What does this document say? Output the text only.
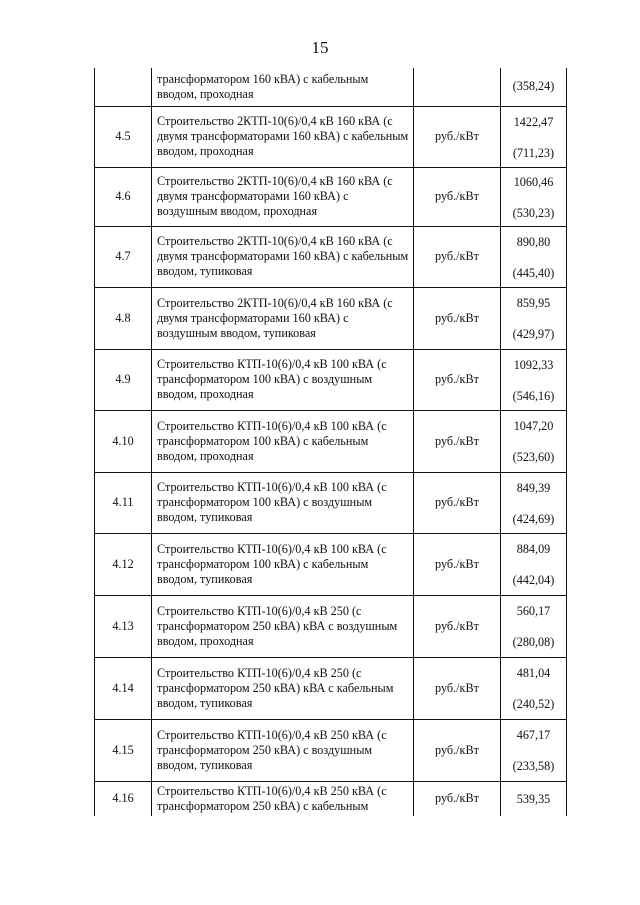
15
	трансформатором 160 кВА) с кабельным вводом, проходная		(358,24)

4.5	Строительство 2КТП-10(6)/0,4 кВ 160 кВА (с двумя трансформаторами 160 кВА) с кабельным вводом, проходная	руб./кВт	1422,47
(711,23)

4.6	Строительство 2КТП-10(6)/0,4 кВ 160 кВА (с двумя трансформаторами 160 кВА) с воздушным вводом, проходная	руб./кВт	1060,46
(530,23)

4.7	Строительство 2КТП-10(6)/0,4 кВ 160 кВА (с двумя трансформаторами 160 кВА) с кабельным вводом, тупиковая	руб./кВт	890,80
(445,40)

4.8	Строительство 2КТП-10(6)/0,4 кВ 160 кВА (с двумя трансформаторами 160 кВА) с воздушным вводом, тупиковая	руб./кВт	859,95
(429,97)

4.9	Строительство КТП-10(6)/0,4 кВ 100 кВА (с трансформатором 100 кВА) с воздушным вводом, проходная	руб./кВт	1092,33
(546,16)

4.10	Строительство КТП-10(6)/0,4 кВ 100 кВА (с трансформатором 100 кВА) с кабельным вводом, проходная	руб./кВт	1047,20
(523,60)

4.11	Строительство КТП-10(6)/0,4 кВ 100 кВА (с трансформатором 100 кВА) с воздушным вводом, тупиковая	руб./кВт	849,39
(424,69)

4.12	Строительство КТП-10(6)/0,4 кВ 100 кВА (с трансформатором 100 кВА) с кабельным вводом, тупиковая	руб./кВт	884,09
(442,04)

4.13	Строительство КТП-10(6)/0,4 кВ 250 (с трансформатором 250 кВА) кВА с воздушным вводом, проходная	руб./кВт	560,17
(280,08)

4.14	Строительство КТП-10(6)/0,4 кВ 250 (с трансформатором 250 кВА) кВА с кабельным вводом, тупиковая	руб./кВт	481,04
(240,52)

4.15	Строительство КТП-10(6)/0,4 кВ 250 кВА (с трансформатором 250 кВА) с воздушным вводом, тупиковая	руб./кВт	467,17
(233,58)

4.16	Строительство КТП-10(6)/0,4 кВ 250 кВА (с трансформатором 250 кВА) с кабельным	руб./кВт	539,35
